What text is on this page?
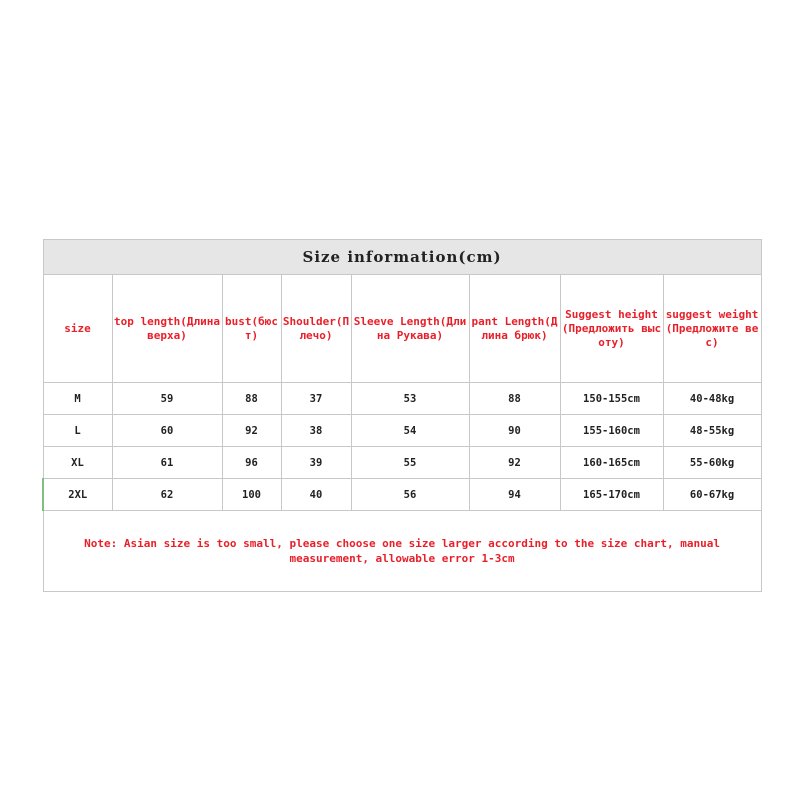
Size information(cm)							
size	top length(Длина верха)	bust(бюст)	Shoulder(Плечо)	Sleeve Length(Длина Рукава)	pant Length(Длина брюк)	Suggest height(Предложить высоту)	suggest weight(Предложите вес)
M	59	88	37	53	88	150-155cm	40-48kg
L	60	92	38	54	90	155-160cm	48-55kg
XL	61	96	39	55	92	160-165cm	55-60kg
2XL	62	100	40	56	94	165-170cm	60-67kg
Note: Asian size is too small, please choose one size larger according to the size chart, manual measurement, allowable error 1-3cm							
